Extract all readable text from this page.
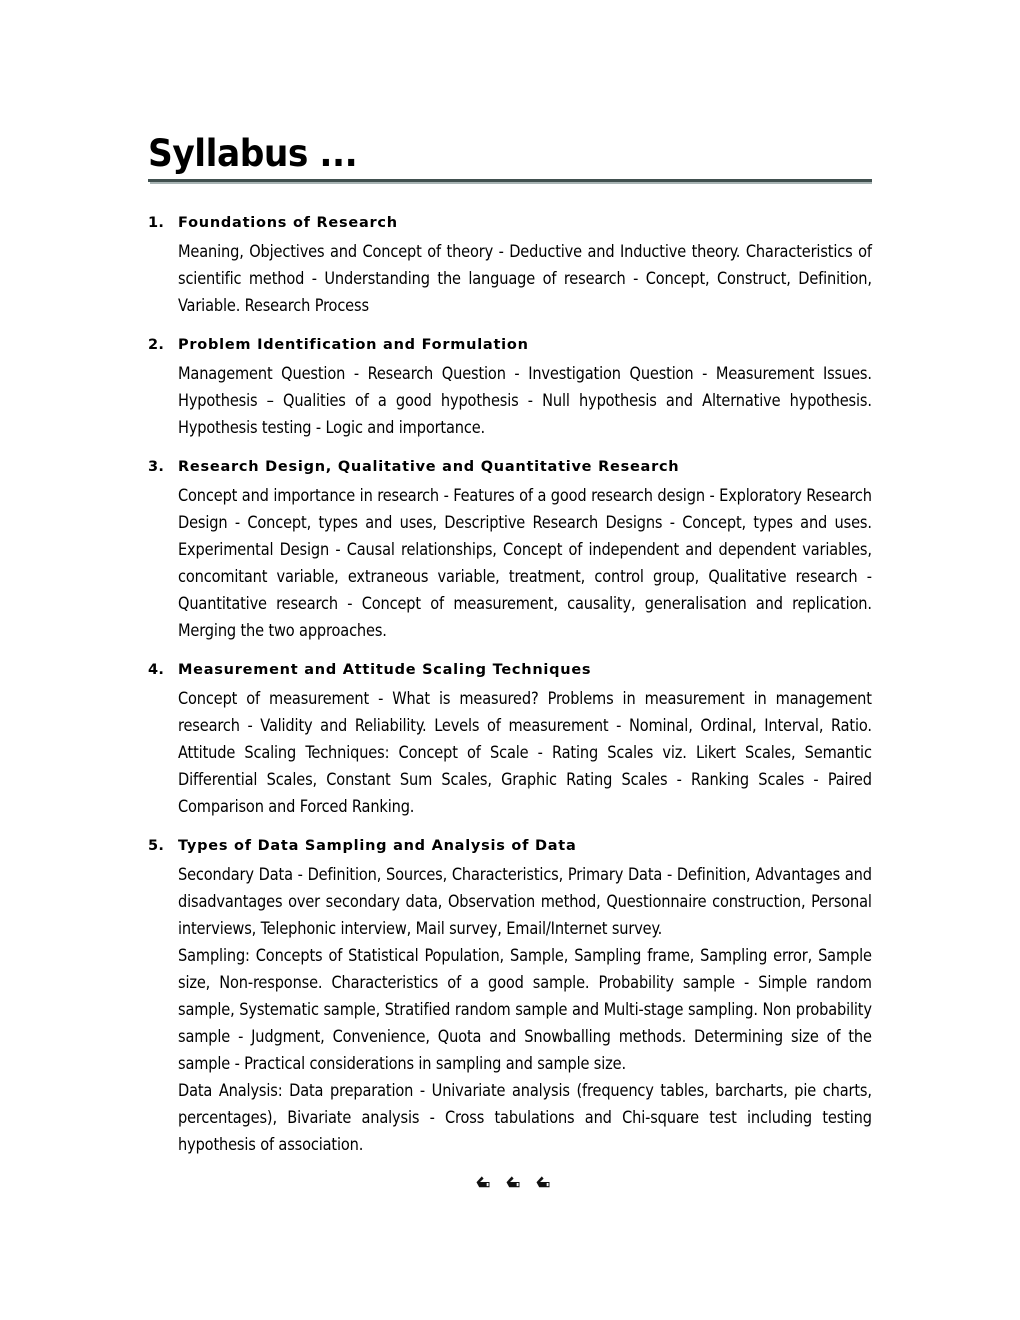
Syllabus ...
1. Foundations of Research

Meaning, Objectives and Concept of theory - Deductive and Inductive theory. Characteristics of scientific method - Understanding the language of research - Concept, Construct, Definition, Variable. Research Process

2. Problem Identification and Formulation

Management Question - Research Question - Investigation Question - Measurement Issues. Hypothesis – Qualities of a good hypothesis - Null hypothesis and Alternative hypothesis. Hypothesis testing - Logic and importance.

3. Research Design, Qualitative and Quantitative Research

Concept and importance in research - Features of a good research design - Exploratory Research Design - Concept, types and uses, Descriptive Research Designs - Concept, types and uses. Experimental Design - Causal relationships, Concept of independent and dependent variables, concomitant variable, extraneous variable, treatment, control group, Qualitative research - Quantitative research - Concept of measurement, causality, generalisation and replication. Merging the two approaches.

4. Measurement and Attitude Scaling Techniques

Concept of measurement - What is measured? Problems in measurement in management research - Validity and Reliability. Levels of measurement - Nominal, Ordinal, Interval, Ratio. Attitude Scaling Techniques: Concept of Scale - Rating Scales viz. Likert Scales, Semantic Differential Scales, Constant Sum Scales, Graphic Rating Scales - Ranking Scales - Paired Comparison and Forced Ranking.

5. Types of Data Sampling and Analysis of Data

Secondary Data - Definition, Sources, Characteristics, Primary Data - Definition, Advantages and disadvantages over secondary data, Observation method, Questionnaire construction, Personal interviews, Telephonic interview, Mail survey, Email/Internet survey.

Sampling: Concepts of Statistical Population, Sample, Sampling frame, Sampling error, Sample size, Non-response. Characteristics of a good sample. Probability sample - Simple random sample, Systematic sample, Stratified random sample and Multi-stage sampling. Non probability sample - Judgment, Convenience, Quota and Snowballing methods. Determining size of the sample - Practical considerations in sampling and sample size.

Data Analysis: Data preparation - Univariate analysis (frequency tables, barcharts, pie charts, percentages), Bivariate analysis - Cross tabulations and Chi-square test including testing hypothesis of association.
